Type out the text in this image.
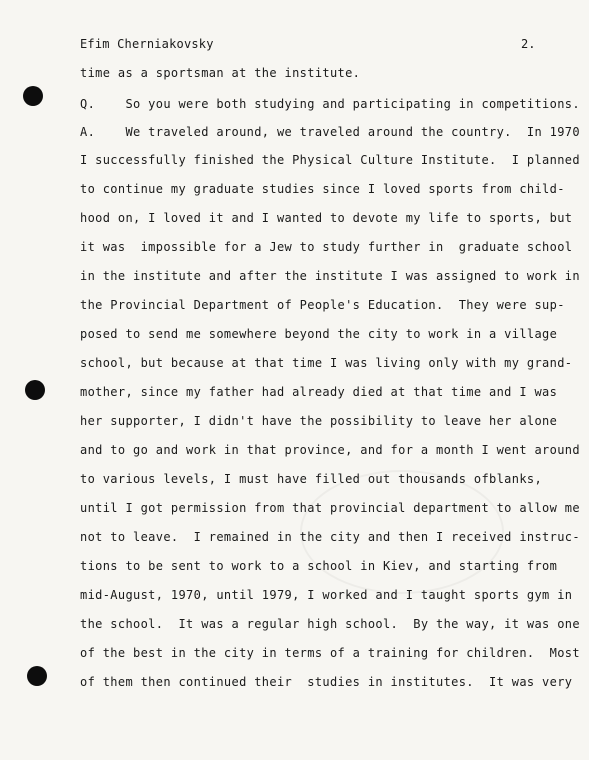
Efim Cherniakovsky	2.
time as a sportsman at the institute.
Q.    So you were both studying and participating in competitions.
A.    We traveled around, we traveled around the country.  In 1970
I successfully finished the Physical Culture Institute.  I planned
to continue my graduate studies since I loved sports from child-
hood on, I loved it and I wanted to devote my life to sports, but
it was  impossible for a Jew to study further in  graduate school
in the institute and after the institute I was assigned to work in
the Provincial Department of People's Education.  They were sup-
posed to send me somewhere beyond the city to work in a village
school, but because at that time I was living only with my grand-
mother, since my father had already died at that time and I was
her supporter, I didn't have the possibility to leave her alone
and to go and work in that province, and for a month I went around
to various levels, I must have filled out thousands ofblanks,
until I got permission from that provincial department to allow me
not to leave.  I remained in the city and then I received instruc-
tions to be sent to work to a school in Kiev, and starting from
mid-August, 1970, until 1979, I worked and I taught sports gym in
the school.  It was a regular high school.  By the way, it was one
of the best in the city in terms of a training for children.  Most
of them then continued their  studies in institutes.  It was very
